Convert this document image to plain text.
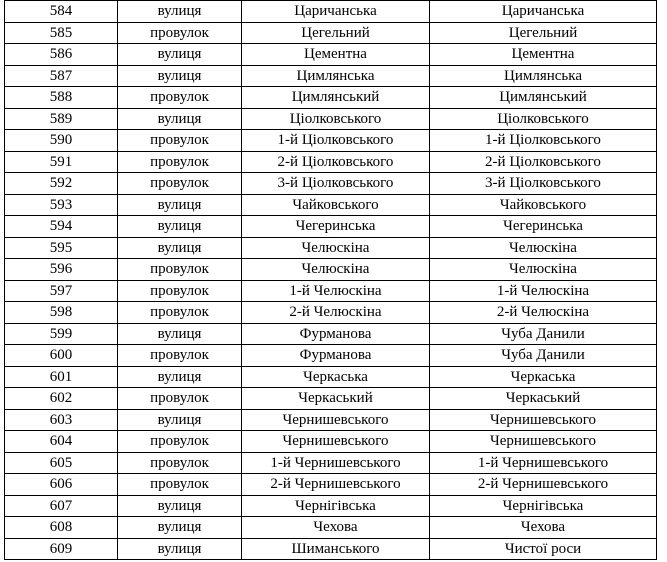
584	вулиця	Царичанська	Царичанська
585	провулок	Цегельний	Цегельний
586	вулиця	Цементна	Цементна
587	вулиця	Цимлянська	Цимлянська
588	провулок	Цимлянський	Цимлянський
589	вулиця	Ціолковського	Ціолковського
590	провулок	1-й Ціолковського	1-й Ціолковського
591	провулок	2-й Ціолковського	2-й Ціолковського
592	провулок	3-й Ціолковського	3-й Ціолковського
593	вулиця	Чайковського	Чайковського
594	вулиця	Чегеринська	Чегеринська
595	вулиця	Челюскіна	Челюскіна
596	провулок	Челюскіна	Челюскіна
597	провулок	1-й Челюскіна	1-й Челюскіна
598	провулок	2-й Челюскіна	2-й Челюскіна
599	вулиця	Фурманова	Чуба Данили
600	провулок	Фурманова	Чуба Данили
601	вулиця	Черкаська	Черкаська
602	провулок	Черкаський	Черкаський
603	вулиця	Чернишевського	Чернишевського
604	провулок	Чернишевського	Чернишевського
605	провулок	1-й Чернишевського	1-й Чернишевського
606	провулок	2-й Чернишевського	2-й Чернишевського
607	вулиця	Чернігівська	Чернігівська
608	вулиця	Чехова	Чехова
609	вулиця	Шиманського	Чистої роси
